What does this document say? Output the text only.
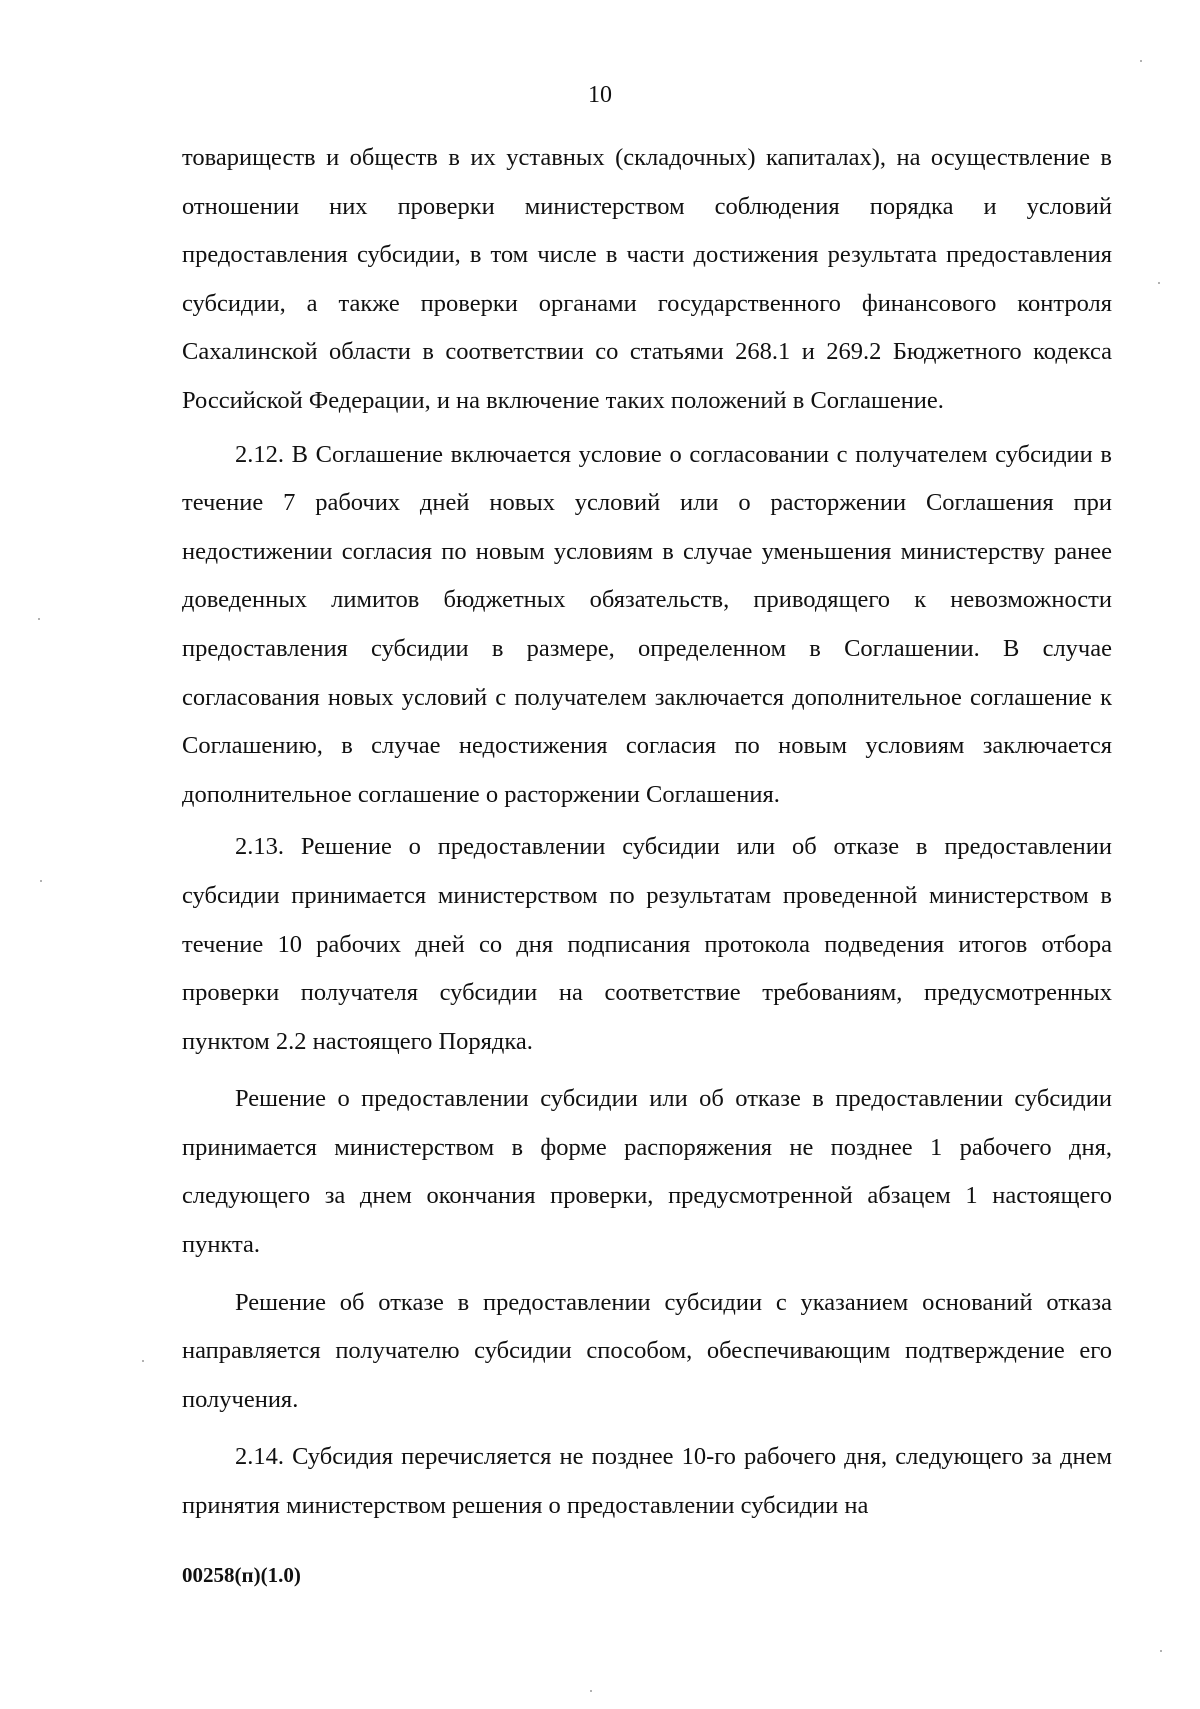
10

товариществ и обществ в их уставных (складочных) капиталах), на осуществление в отношении них проверки министерством соблюдения порядка и условий предоставления субсидии, в том числе в части достижения результата предоставления субсидии, а также проверки органами государственного финансового контроля Сахалинской области в соответствии со статьями 268.1 и 269.2 Бюджетного кодекса Российской Федерации, и на включение таких положений в Соглашение.

2.12. В Соглашение включается условие о согласовании с получателем субсидии в течение 7 рабочих дней новых условий или о расторжении Соглашения при недостижении согласия по новым условиям в случае уменьшения министерству ранее доведенных лимитов бюджетных обязательств, приводящего к невозможности предоставления субсидии в размере, определенном в Соглашении. В случае согласования новых условий с получателем заключается дополнительное соглашение к Соглашению, в случае недостижения согласия по новым условиям заключается дополнительное соглашение о расторжении Соглашения.

2.13. Решение о предоставлении субсидии или об отказе в предоставлении субсидии принимается министерством по результатам проведенной министерством в течение 10 рабочих дней со дня подписания протокола подведения итогов отбора проверки получателя субсидии на соответствие требованиям, предусмотренных пунктом 2.2 настоящего Порядка.

Решение о предоставлении субсидии или об отказе в предоставлении субсидии принимается министерством в форме распоряжения не позднее 1 рабочего дня, следующего за днем окончания проверки, предусмотренной абзацем 1 настоящего пункта.

Решение об отказе в предоставлении субсидии с указанием оснований отказа направляется получателю субсидии способом, обеспечивающим подтверждение его получения.

2.14. Субсидия перечисляется не позднее 10-го рабочего дня, следующего за днем принятия министерством решения о предоставлении субсидии на

00258(п)(1.0)
